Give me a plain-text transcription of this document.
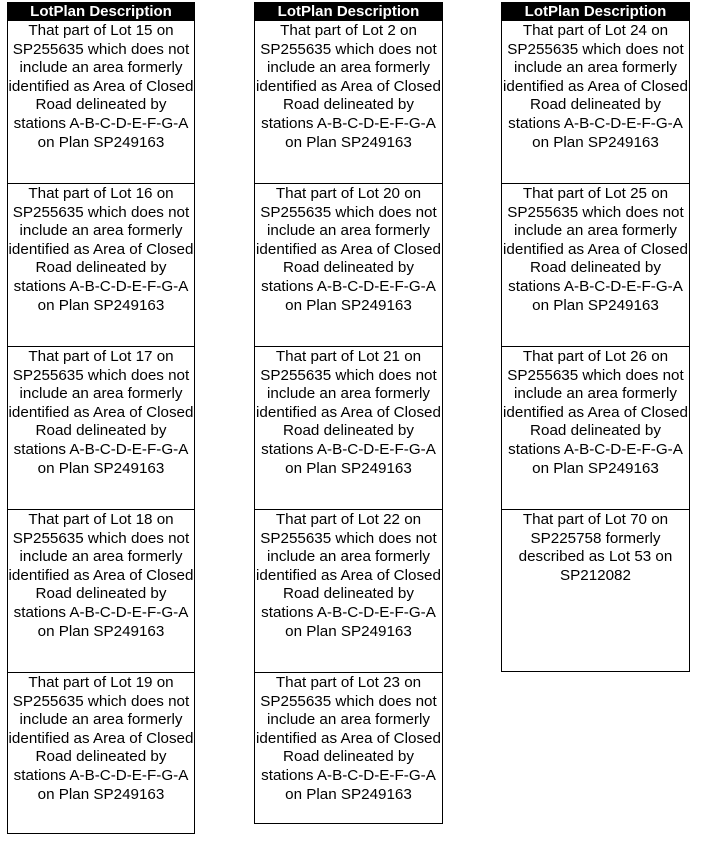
LotPlan Description
That part of Lot 15 on SP255635 which does not include an area formerly identified as Area of Closed Road delineated by stations A-B-C-D-E-F-G-A on Plan SP249163
That part of Lot 16 on SP255635 which does not include an area formerly identified as Area of Closed Road delineated by stations A-B-C-D-E-F-G-A on Plan SP249163
That part of Lot 17 on SP255635 which does not include an area formerly identified as Area of Closed Road delineated by stations A-B-C-D-E-F-G-A on Plan SP249163
That part of Lot 18 on SP255635 which does not include an area formerly identified as Area of Closed Road delineated by stations A-B-C-D-E-F-G-A on Plan SP249163
That part of Lot 19 on SP255635 which does not include an area formerly identified as Area of Closed Road delineated by stations A-B-C-D-E-F-G-A on Plan SP249163
LotPlan Description
That part of Lot 2 on SP255635 which does not include an area formerly identified as Area of Closed Road delineated by stations A-B-C-D-E-F-G-A on Plan SP249163
That part of Lot 20 on SP255635 which does not include an area formerly identified as Area of Closed Road delineated by stations A-B-C-D-E-F-G-A on Plan SP249163
That part of Lot 21 on SP255635 which does not include an area formerly identified as Area of Closed Road delineated by stations A-B-C-D-E-F-G-A on Plan SP249163
That part of Lot 22 on SP255635 which does not include an area formerly identified as Area of Closed Road delineated by stations A-B-C-D-E-F-G-A on Plan SP249163
That part of Lot 23 on SP255635 which does not include an area formerly identified as Area of Closed Road delineated by stations A-B-C-D-E-F-G-A on Plan SP249163
LotPlan Description
That part of Lot 24 on SP255635 which does not include an area formerly identified as Area of Closed Road delineated by stations A-B-C-D-E-F-G-A on Plan SP249163
That part of Lot 25 on SP255635 which does not include an area formerly identified as Area of Closed Road delineated by stations A-B-C-D-E-F-G-A on Plan SP249163
That part of Lot 26 on SP255635 which does not include an area formerly identified as Area of Closed Road delineated by stations A-B-C-D-E-F-G-A on Plan SP249163
That part of Lot 70 on SP225758 formerly described as Lot 53 on SP212082
